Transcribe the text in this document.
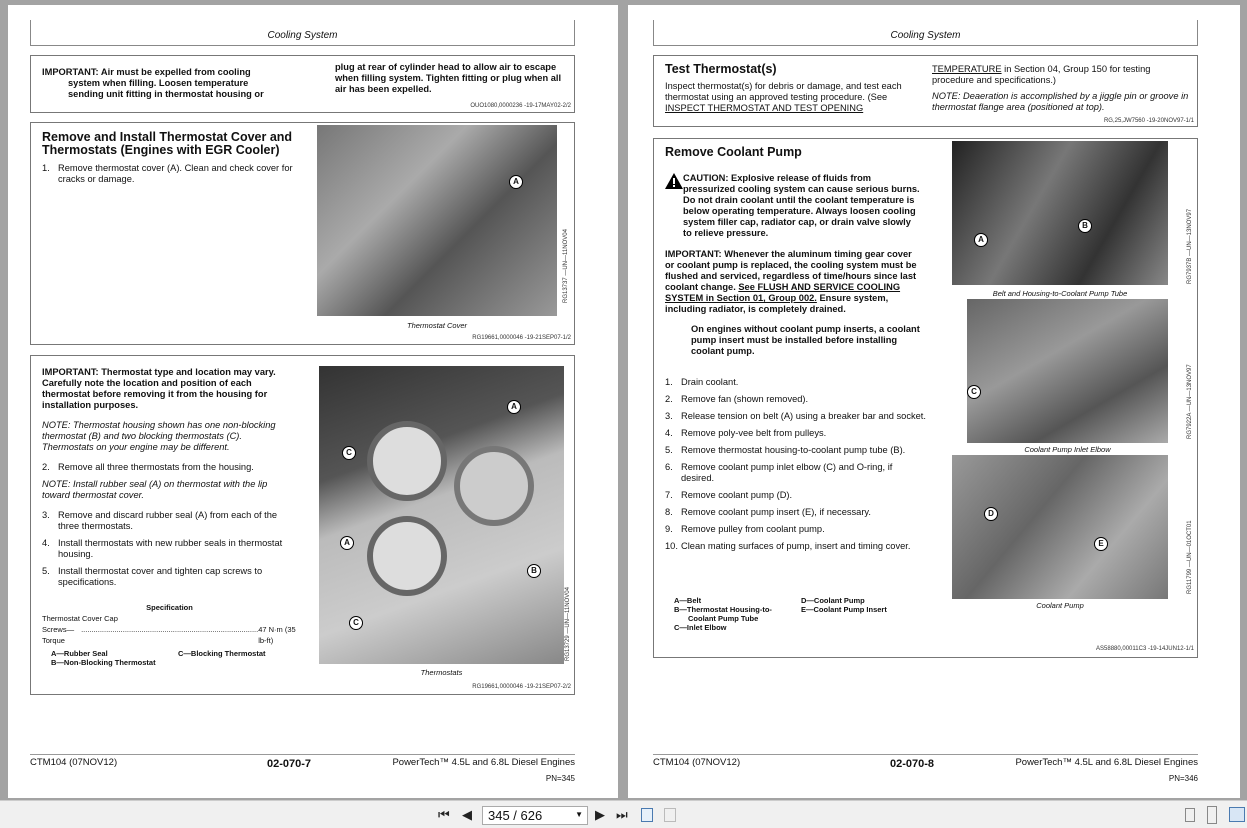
Cooling System
IMPORTANT: Air must be expelled from cooling
system when filling. Loosen temperature
sending unit fitting in thermostat housing or
plug at rear of cylinder head to allow air to escape when filling system. Tighten fitting or plug when all air has been expelled.
OUO1080,0000236 -19-17MAY02-2/2
Remove and Install Thermostat Cover and Thermostats (Engines with EGR Cooler)
1. Remove thermostat cover (A). Clean and check cover for cracks or damage.	A
RG13737 —UN—11NOV04
Thermostat Cover
RG19661,0000046 -19-21SEP07-1/2
IMPORTANT: Thermostat type and location may vary. Carefully note the location and position of each thermostat before removing it from the housing for installation purposes.
NOTE: Thermostat housing shown has one non-blocking thermostat (B) and two blocking thermostats (C). Thermostats on your engine may be different.
2. Remove all three thermostats from the housing.
NOTE: Install rubber seal (A) on thermostat with the lip toward thermostat cover.
3. Remove and discard rubber seal (A) from each of the three thermostats.
4. Install thermostats with new rubber seals in thermostat housing.
5. Install thermostat cover and tighten cap screws to specifications.
Specification
Thermostat Cover Cap
Screws—Torque
..................................................................................... 47 N·m (35 lb-ft)
A—Rubber Seal
B—Non-Blocking Thermostat
C—Blocking Thermostat
A
C
A
B
C	RG13729 —UN—11NOV04
Thermostats
RG19661,0000046 -19-21SEP07-2/2
CTM104 (07NOV12)	02-070-7	PowerTech™ 4.5L and 6.8L Diesel Engines
PN=345
Cooling System
Test Thermostat(s)
Inspect thermostat(s) for debris or damage, and test each thermostat using an approved testing procedure. (See INSPECT THERMOSTAT AND TEST OPENING
TEMPERATURE in Section 04, Group 150 for testing procedure and specifications.)
NOTE: Deaeration is accomplished by a jiggle pin or groove in thermostat flange area (positioned at top).
RG,25,JW7560 -19-20NOV97-1/1
Remove Coolant Pump
CAUTION: Explosive release of fluids from pressurized cooling system can cause serious burns. Do not drain coolant until the coolant temperature is below operating temperature. Always loosen cooling system filler cap, radiator cap, or drain valve slowly to relieve pressure.
IMPORTANT: Whenever the aluminum timing gear cover or coolant pump is replaced, the cooling system must be flushed and serviced, regardless of time/hours since last coolant change. See FLUSH AND SERVICE COOLING SYSTEM in Section 01, Group 002. Ensure system, including radiator, is completely drained.
On engines without coolant pump inserts, a coolant pump insert must be installed before installing coolant pump.
1. Drain coolant.
2. Remove fan (shown removed).
3. Release tension on belt (A) using a breaker bar and socket.
4. Remove poly-vee belt from pulleys.
5. Remove thermostat housing-to-coolant pump tube (B).
6. Remove coolant pump inlet elbow (C) and O-ring, if desired.
7. Remove coolant pump (D).
8. Remove coolant pump insert (E), if necessary.
9. Remove pulley from coolant pump.
10. Clean mating surfaces of pump, insert and timing cover.
A—Belt
B—Thermostat Housing-to-Coolant Pump Tube
C—Inlet Elbow
D—Coolant Pump
E—Coolant Pump Insert
A
B
Belt and Housing-to-Coolant Pump Tube
RG7937B —UN—13NOV97
C
Coolant Pump Inlet Elbow
RG7922A —UN—13NOV97
D
E
Coolant Pump
RG11799 —UN—01OCT01
AS58880,00011C3 -19-14JUN12-1/1
CTM104 (07NOV12)	02-070-8	PowerTech™ 4.5L and 6.8L Diesel Engines
PN=346
⏮ ◀	345 / 626	▼ ▶ ⏭
